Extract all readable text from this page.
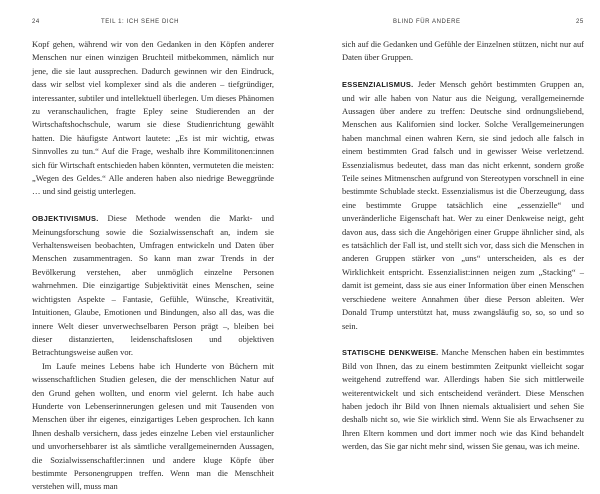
24	TEIL 1: ICH SEHE DICH

Kopf gehen, während wir von den Gedanken in den Köpfen anderer Menschen nur einen winzigen Bruchteil mitbekommen, nämlich nur jene, die sie laut aussprechen. Dadurch gewinnen wir den Eindruck, dass wir selbst viel komplexer sind als die anderen – tiefgründiger, interessanter, subtiler und intellektuell überlegen. Um dieses Phänomen zu veranschaulichen, fragte Epley seine Studierenden an der Wirtschaftshochschule, warum sie diese Studienrichtung gewählt hatten. Die häufigste Antwort lautete: „Es ist mir wichtig, etwas Sinnvolles zu tun.“ Auf die Frage, weshalb ihre Kommilitonen:innen sich für Wirtschaft entschieden haben könnten, vermuteten die meisten: „Wegen des Geldes.“ Alle anderen haben also niedrige Beweggründe … und sind geistig unterlegen.

OBJEKTIVISMUS. Diese Methode wenden die Markt- und Meinungsforschung sowie die Sozialwissenschaft an, indem sie Verhaltensweisen beobachten, Umfragen entwickeln und Daten über Menschen zusammentragen. So kann man zwar Trends in der Bevölkerung verstehen, aber unmöglich einzelne Personen wahrnehmen. Die einzigartige Subjektivität eines Menschen, seine wichtigsten Aspekte – Fantasie, Gefühle, Wünsche, Kreativität, Intuitionen, Glaube, Emotionen und Bindungen, also all das, was die innere Welt dieser unverwechselbaren Person prägt –, bleiben bei dieser distanzierten, leidenschaftslosen und objektiven Betrachtungsweise außen vor.

Im Laufe meines Lebens habe ich Hunderte von Büchern mit wissenschaftlichen Studien gelesen, die der menschlichen Natur auf den Grund gehen wollten, und enorm viel gelernt. Ich habe auch Hunderte von Lebenserinnerungen gelesen und mit Tausenden von Menschen über ihr eigenes, einzigartiges Leben gesprochen. Ich kann Ihnen deshalb versichern, dass jedes einzelne Leben viel erstaunlicher und unvorhersehbarer ist als sämtliche verallgemeinernden Aussagen, die Sozialwissenschaftler:innen und andere kluge Köpfe über bestimmte Personengruppen treffen. Wenn man die Menschheit verstehen will, muss man

BLIND FÜR ANDERE	25

sich auf die Gedanken und Gefühle der Einzelnen stützen, nicht nur auf Daten über Gruppen.

ESSENZIALISMUS. Jeder Mensch gehört bestimmten Gruppen an, und wir alle haben von Natur aus die Neigung, verallgemeinernde Aussagen über andere zu treffen: Deutsche sind ordnungsliebend, Menschen aus Kalifornien sind locker. Solche Verallgemeinerungen haben manchmal einen wahren Kern, sie sind jedoch alle falsch in einem bestimmten Grad falsch und in gewisser Weise verletzend. Essenzialismus bedeutet, dass man das nicht erkennt, sondern große Teile seines Mitmenschen aufgrund von Stereotypen vorschnell in eine bestimmte Schublade steckt. Essenzialismus ist die Überzeugung, dass eine bestimmte Gruppe tatsächlich eine „essenzielle“ und unveränderliche Eigenschaft hat. Wer zu einer Denkweise neigt, geht davon aus, dass sich die Angehörigen einer Gruppe ähnlicher sind, als es tatsächlich der Fall ist, und stellt sich vor, dass sich die Menschen in anderen Gruppen stärker von „uns“ unterscheiden, als es der Wirklichkeit entspricht. Essenzialist:innen neigen zum „Stacking“ – damit ist gemeint, dass sie aus einer Information über einen Menschen verschiedene weitere Annahmen über diese Person ableiten. Wer Donald Trump unterstützt hat, muss zwangsläufig so, so, so und so sein.

STATISCHE DENKWEISE. Manche Menschen haben ein bestimmtes Bild von Ihnen, das zu einem bestimmten Zeitpunkt vielleicht sogar weitgehend zutreffend war. Allerdings haben Sie sich mittlerweile weiterentwickelt und sich entscheidend verändert. Diese Menschen haben jedoch ihr Bild von Ihnen niemals aktualisiert und sehen Sie deshalb nicht so, wie Sie wirklich sind. Wenn Sie als Erwachsener zu Ihren Eltern kommen und dort immer noch wie das Kind behandelt werden, das Sie gar nicht mehr sind, wissen Sie genau, was ich meine.
